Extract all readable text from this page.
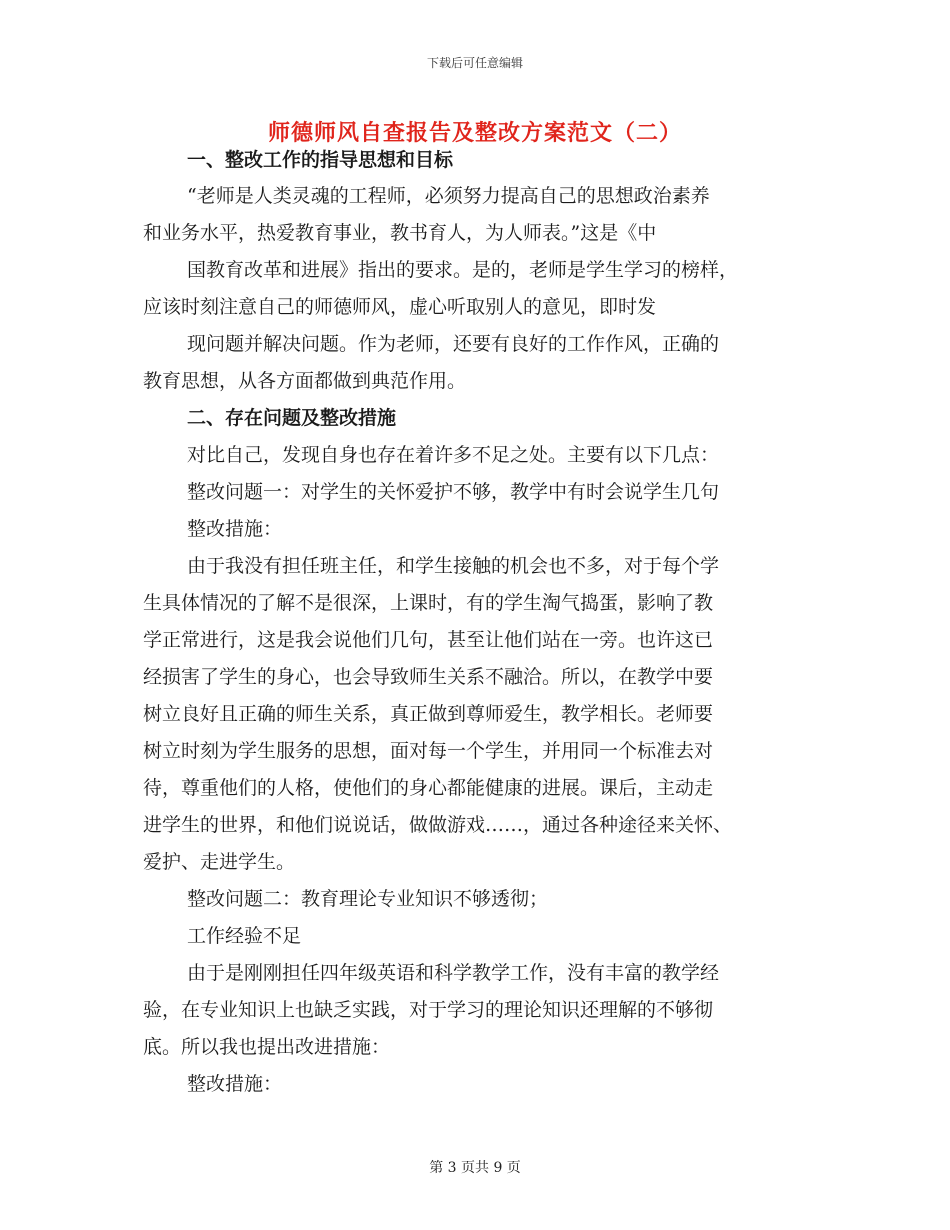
下载后可任意编辑
师德师风自查报告及整改方案范文（二）
一、整改工作的指导思想和目标
“老师是人类灵魂的工程师，必须努力提高自己的思想政治素养
和业务水平，热爱教育事业，教书育人，为人师表。”这是《中
国教育改革和进展》指出的要求。是的，老师是学生学习的榜样，
应该时刻注意自己的师德师风，虚心听取别人的意见，即时发
现问题并解决问题。作为老师，还要有良好的工作作风，正确的
教育思想，从各方面都做到典范作用。
二、存在问题及整改措施
对比自己，发现自身也存在着许多不足之处。主要有以下几点：
整改问题一：对学生的关怀爱护不够，教学中有时会说学生几句
整改措施：
由于我没有担任班主任，和学生接触的机会也不多，对于每个学
生具体情况的了解不是很深，上课时，有的学生淘气捣蛋，影响了教
学正常进行，这是我会说他们几句，甚至让他们站在一旁。也许这已
经损害了学生的身心，也会导致师生关系不融洽。所以，在教学中要
树立良好且正确的师生关系，真正做到尊师爱生，教学相长。老师要
树立时刻为学生服务的思想，面对每一个学生，并用同一个标准去对
待，尊重他们的人格，使他们的身心都能健康的进展。课后，主动走
进学生的世界，和他们说说话，做做游戏……，通过各种途径来关怀、
爱护、走进学生。
整改问题二：教育理论专业知识不够透彻；
工作经验不足
由于是刚刚担任四年级英语和科学教学工作，没有丰富的教学经
验，在专业知识上也缺乏实践，对于学习的理论知识还理解的不够彻
底。所以我也提出改进措施：
整改措施：
第 3 页共 9 页
